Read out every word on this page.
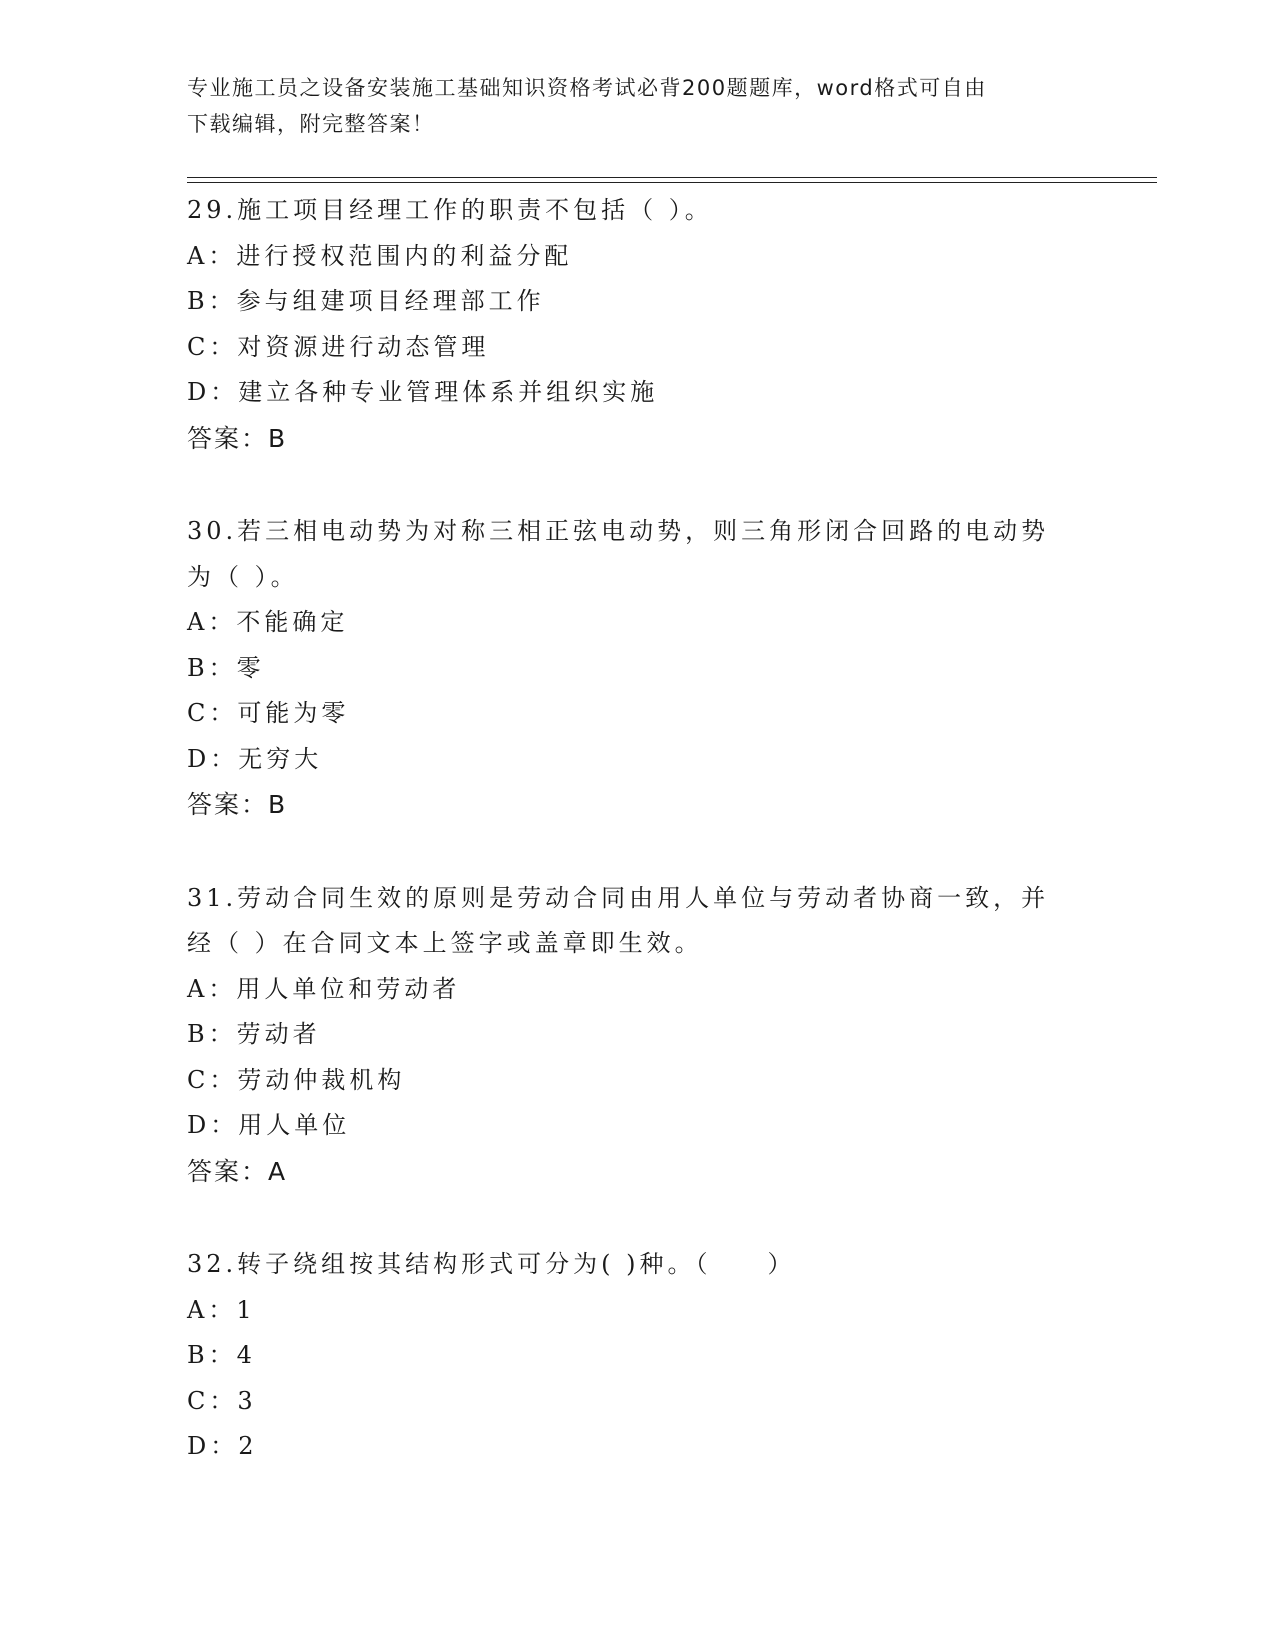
专业施工员之设备安装施工基础知识资格考试必背200题题库，word格式可自由
下载编辑，附完整答案！
29.施工项目经理工作的职责不包括（ ）。
A：进行授权范围内的利益分配
B：参与组建项目经理部工作
C：对资源进行动态管理
D：建立各种专业管理体系并组织实施
答案：B
30.若三相电动势为对称三相正弦电动势，则三角形闭合回路的电动势
为（ ）。
A：不能确定
B：零
C：可能为零
D：无穷大
答案：B
31.劳动合同生效的原则是劳动合同由用人单位与劳动者协商一致，并
经（ ）在合同文本上签字或盖章即生效。
A：用人单位和劳动者
B：劳动者
C：劳动仲裁机构
D：用人单位
答案：A
32.转子绕组按其结构形式可分为( )种。（　　）
A：1
B：4
C：3
D：2
